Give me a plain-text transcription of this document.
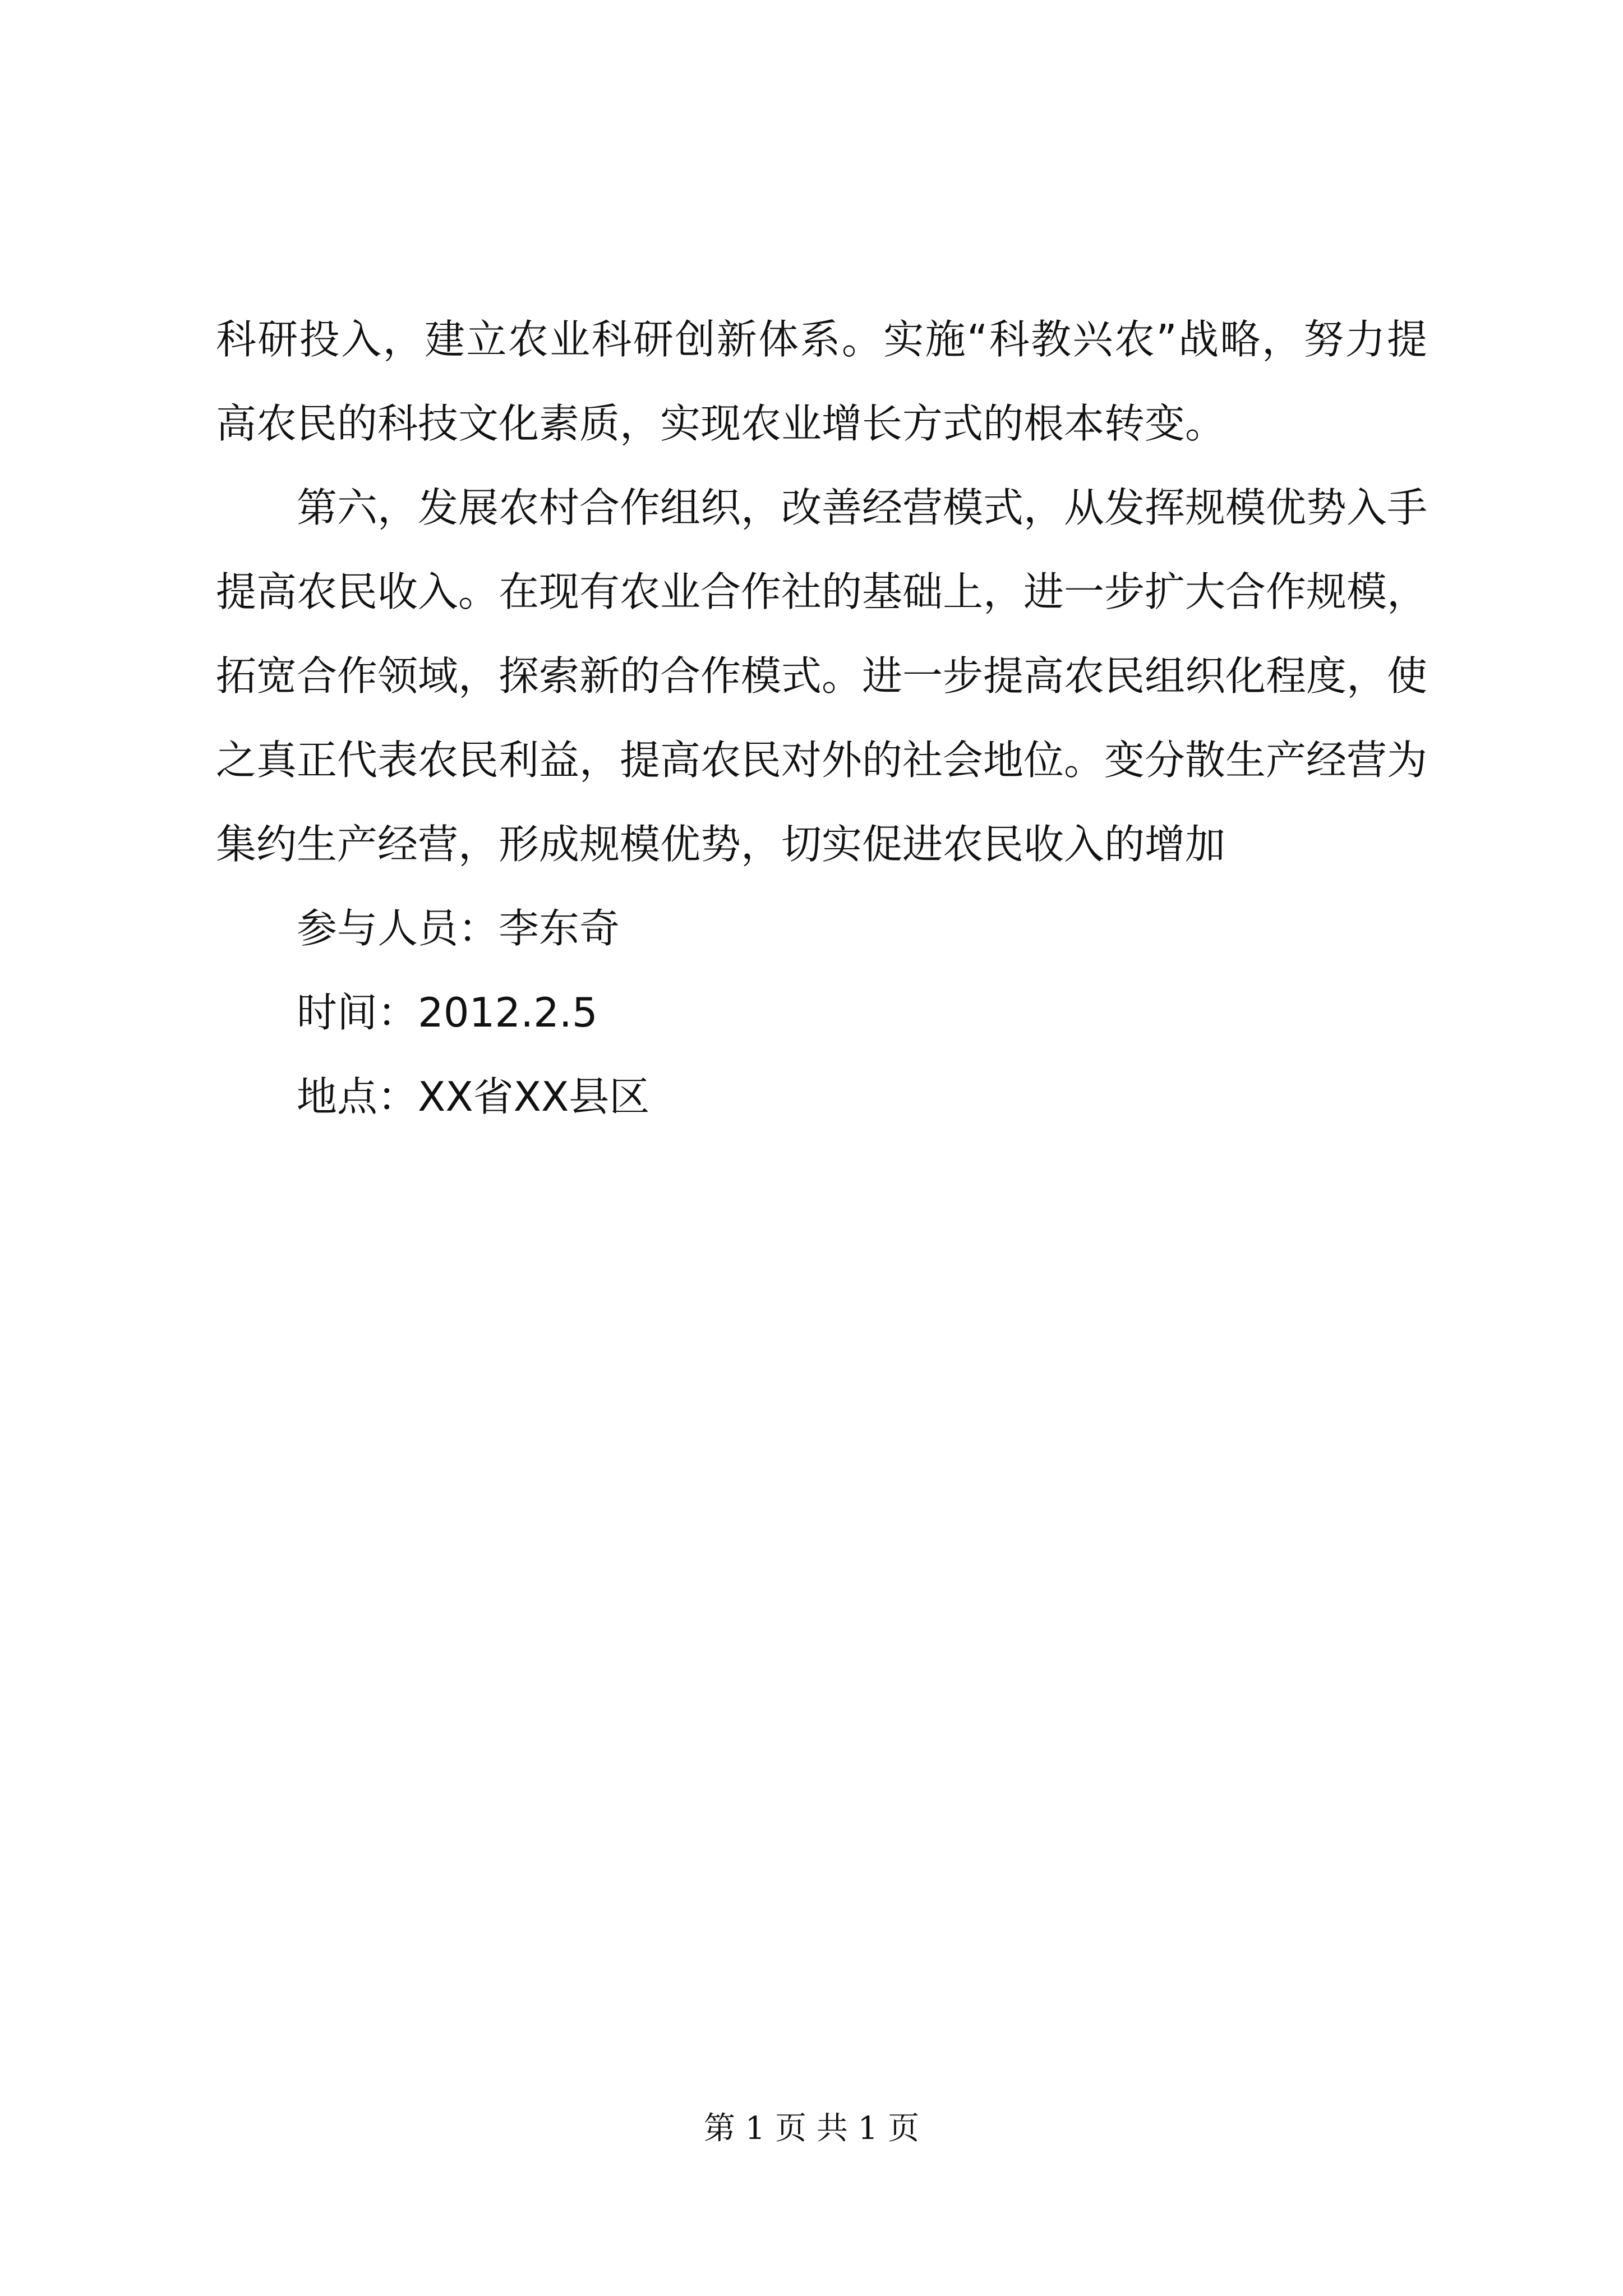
科研投入，建立农业科研创新体系。实施“科教兴农”战略，努力提高农民的科技文化素质，实现农业增长方式的根本转变。

第六，发展农村合作组织，改善经营模式，从发挥规模优势入手提高农民收入。在现有农业合作社的基础上，进一步扩大合作规模，拓宽合作领域，探索新的合作模式。进一步提高农民组织化程度，使之真正代表农民利益，提高农民对外的社会地位。变分散生产经营为集约生产经营，形成规模优势，切实促进农民收入的增加

参与人员：李东奇

时间：2012.2.5

地点：XX省XX县区

第 1 页 共 1 页
